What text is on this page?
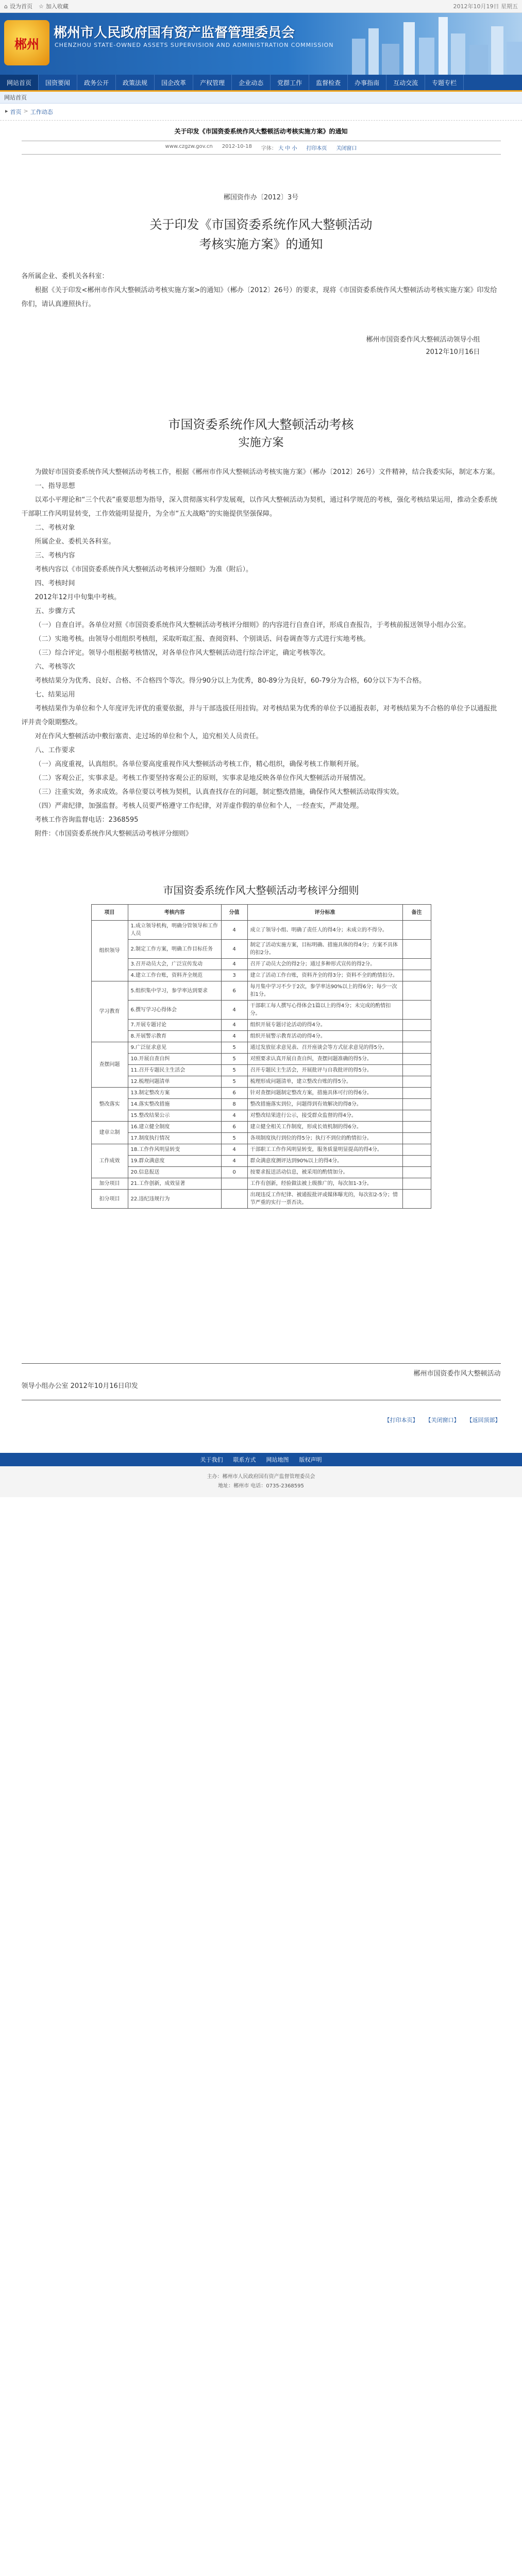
⌂ 设为首页 ☆ 加入收藏	2012年10月19日 星期五
郴州
郴州市人民政府国有资产监督管理委员会
CHENZHOU STATE-OWNED ASSETS SUPERVISION AND ADMINISTRATION COMMISSION
网站首页	国资要闻	政务公开	政策法规	国企改革	产权管理	企业动态	党群工作	监督检查	办事指南	互动交流	专题专栏
网站首页
▸ 首页 > 工作动态
关于印发《市国资委系统作风大整顿活动考核实施方案》的通知
www.czgzw.gov.cn 2012-10-18 字体： 大 中 小 打印本页 关闭窗口
郴国资作办〔2012〕3号
关于印发《市国资委系统作风大整顿活动
考核实施方案》的通知

各所属企业、委机关各科室：

根据《关于印发<郴州市作风大整顿活动考核实施方案>的通知》（郴办〔2012〕26号）的要求，现将《市国资委系统作风大整顿活动考核实施方案》印发给你们，请认真遵照执行。

郴州市国资委作风大整顿活动领导小组
2012年10月16日
市国资委系统作风大整顿活动考核
实施方案

为做好市国资委系统作风大整顿活动考核工作，根据《郴州市作风大整顿活动考核实施方案》（郴办〔2012〕26号）文件精神，结合我委实际，制定本方案。

一、指导思想

以邓小平理论和“三个代表”重要思想为指导，深入贯彻落实科学发展观，以作风大整顿活动为契机，通过科学规范的考核，强化考核结果运用，推动全委系统干部职工作风明显转变，工作效能明显提升，为全市“五大战略”的实施提供坚强保障。

二、考核对象

所属企业、委机关各科室。

三、考核内容

考核内容以《市国资委系统作风大整顿活动考核评分细则》为准（附后）。

四、考核时间

2012年12月中旬集中考核。

五、步骤方式

（一）自查自评。各单位对照《市国资委系统作风大整顿活动考核评分细则》的内容进行自查自评，形成自查报告，于考核前报送领导小组办公室。

（二）实地考核。由领导小组组织考核组，采取听取汇报、查阅资料、个别谈话、问卷调查等方式进行实地考核。

（三）综合评定。领导小组根据考核情况，对各单位作风大整顿活动进行综合评定，确定考核等次。

六、考核等次

考核结果分为优秀、良好、合格、不合格四个等次。得分90分以上为优秀，80-89分为良好，60-79分为合格，60分以下为不合格。

七、结果运用

考核结果作为单位和个人年度评先评优的重要依据，并与干部选拔任用挂钩。对考核结果为优秀的单位予以通报表彰，对考核结果为不合格的单位予以通报批评并责令限期整改。

对在作风大整顿活动中敷衍塞责、走过场的单位和个人，追究相关人员责任。

八、工作要求

（一）高度重视，认真组织。各单位要高度重视作风大整顿活动考核工作，精心组织，确保考核工作顺利开展。

（二）客观公正，实事求是。考核工作要坚持客观公正的原则，实事求是地反映各单位作风大整顿活动开展情况。

（三）注重实效，务求成效。各单位要以考核为契机，认真查找存在的问题，制定整改措施，确保作风大整顿活动取得实效。

（四）严肃纪律，加强监督。考核人员要严格遵守工作纪律，对弄虚作假的单位和个人，一经查实，严肃处理。

考核工作咨询监督电话：2368595

附件：《市国资委系统作风大整顿活动考核评分细则》

市国资委系统作风大整顿活动考核评分细则
项目	考核内容	分值	评分标准	备注
组织领导	1.成立领导机构，明确分管领导和工作人员	4	成立了领导小组、明确了责任人的得4分；未成立的不得分。	
	2.制定工作方案，明确工作目标任务	4	制定了活动实施方案，目标明确、措施具体的得4分；方案不具体的扣2分。	
	3.召开动员大会，广泛宣传发动	4	召开了动员大会的得2分；通过多种形式宣传的得2分。	
	4.建立工作台账，资料齐全规范	3	建立了活动工作台账，资料齐全的得3分；资料不全的酌情扣分。	
学习教育	5.组织集中学习，参学率达到要求	6	每月集中学习不少于2次，参学率达90%以上的得6分；每少一次扣1分。	
	6.撰写学习心得体会	4	干部职工每人撰写心得体会1篇以上的得4分；未完成的酌情扣分。	
	7.开展专题讨论	4	组织开展专题讨论活动的得4分。	
	8.开展警示教育	4	组织开展警示教育活动的得4分。	
查摆问题	9.广泛征求意见	5	通过发放征求意见表、召开座谈会等方式征求意见的得5分。	
	10.开展自查自纠	5	对照要求认真开展自查自纠，查摆问题准确的得5分。	
	11.召开专题民主生活会	5	召开专题民主生活会，开展批评与自我批评的得5分。	
	12.梳理问题清单	5	梳理形成问题清单，建立整改台账的得5分。	
整改落实	13.制定整改方案	6	针对查摆问题制定整改方案，措施具体可行的得6分。	
	14.落实整改措施	8	整改措施落实到位，问题得到有效解决的得8分。	
	15.整改结果公示	4	对整改结果进行公示，接受群众监督的得4分。	
建章立制	16.建立健全制度	6	建立健全相关工作制度，形成长效机制的得6分。	
	17.制度执行情况	5	各项制度执行到位的得5分；执行不到位的酌情扣分。	
工作成效	18.工作作风明显转变	4	干部职工工作作风明显转变，服务质量明显提高的得4分。	
	19.群众满意度	4	群众满意度测评达到90%以上的得4分。	
	20.信息报送	0	按要求报送活动信息，被采用的酌情加分。	
加分项目	21.工作创新，成效显著		工作有创新，经验做法被上级推广的，每次加1-3分。	
扣分项目	22.违纪违规行为		出现违反工作纪律、被通报批评或媒体曝光的，每次扣2-5分；情节严重的实行一票否决。	
郴州市国资委作风大整顿活动
领导小组办公室 2012年10月16日印发
【打印本页】 【关闭窗口】 【返回顶部】
关于我们 联系方式 网站地图 版权声明
主办：郴州市人民政府国有资产监督管理委员会
地址：郴州市 电话：0735-2368595
